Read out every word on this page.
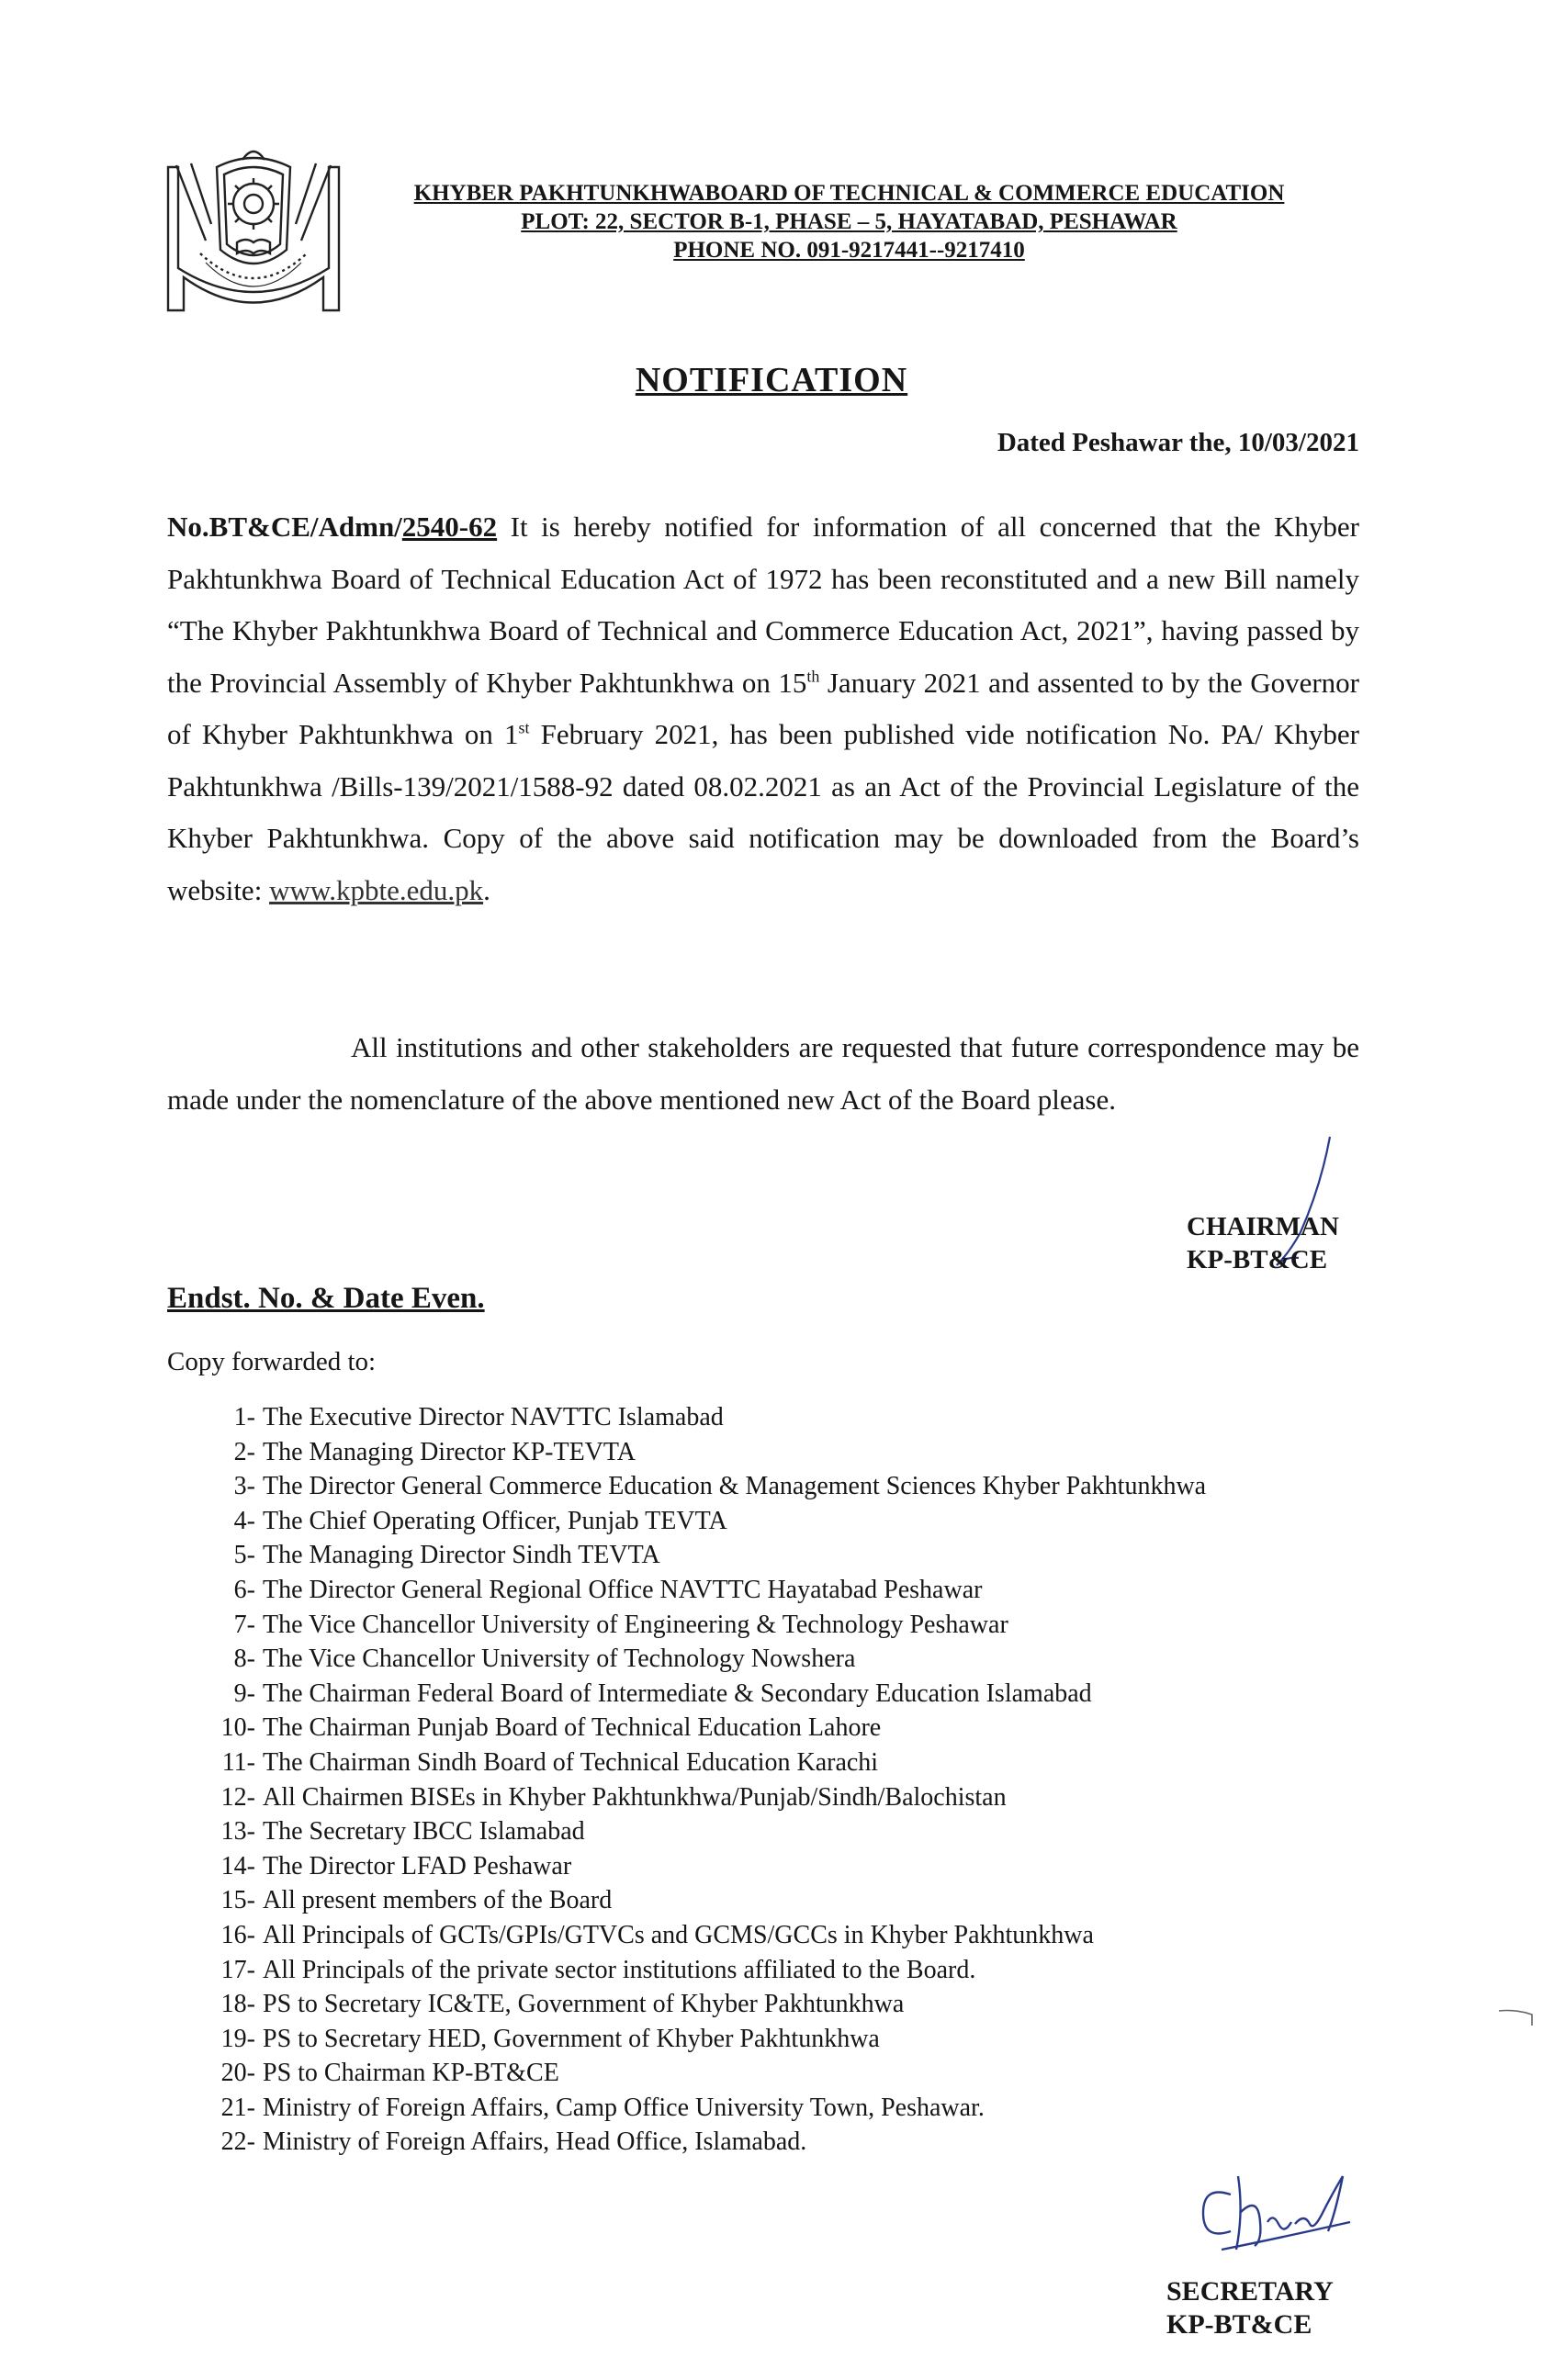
KHYBER PAKHTUNKHWABOARD OF TECHNICAL & COMMERCE EDUCATION
PLOT: 22, SECTOR B-1, PHASE – 5, HAYATABAD, PESHAWAR
PHONE NO. 091-9217441--9217410
NOTIFICATION
Dated Peshawar the, 10/03/2021

No.BT&CE/Admn/2540-62 It is hereby notified for information of all concerned that the Khyber Pakhtunkhwa Board of Technical Education Act of 1972 has been reconstituted and a new Bill namely “The Khyber Pakhtunkhwa Board of Technical and Commerce Education Act, 2021”, having passed by the Provincial Assembly of Khyber Pakhtunkhwa on 15th January 2021 and assented to by the Governor of Khyber Pakhtunkhwa on 1st February 2021, has been published vide notification No. PA/ Khyber Pakhtunkhwa /Bills-139/2021/1588-92 dated 08.02.2021 as an Act of the Provincial Legislature of the Khyber Pakhtunkhwa. Copy of the above said notification may be downloaded from the Board’s website: www.kpbte.edu.pk.

All institutions and other stakeholders are requested that future correspondence may be made under the nomenclature of the above mentioned new Act of the Board please.
CHAIRMAN
KP-BT&CE
Endst. No. & Date Even.
Copy forwarded to:
1- The Executive Director NAVTTC Islamabad
2- The Managing Director KP-TEVTA
3- The Director General Commerce Education & Management Sciences Khyber Pakhtunkhwa
4- The Chief Operating Officer, Punjab TEVTA
5- The Managing Director Sindh TEVTA
6- The Director General Regional Office NAVTTC Hayatabad Peshawar
7- The Vice Chancellor University of Engineering & Technology Peshawar
8- The Vice Chancellor University of Technology Nowshera
9- The Chairman Federal Board of Intermediate & Secondary Education Islamabad
10- The Chairman Punjab Board of Technical Education Lahore
11- The Chairman Sindh Board of Technical Education Karachi
12- All Chairmen BISEs in Khyber Pakhtunkhwa/Punjab/Sindh/Balochistan
13- The Secretary IBCC Islamabad
14- The Director LFAD Peshawar
15- All present members of the Board
16- All Principals of GCTs/GPIs/GTVCs and GCMS/GCCs in Khyber Pakhtunkhwa
17- All Principals of the private sector institutions affiliated to the Board.
18- PS to Secretary IC&TE, Government of Khyber Pakhtunkhwa
19- PS to Secretary HED, Government of Khyber Pakhtunkhwa
20- PS to Chairman KP-BT&CE
21- Ministry of Foreign Affairs, Camp Office University Town, Peshawar.
22- Ministry of Foreign Affairs, Head Office, Islamabad.
SECRETARY
KP-BT&CE
